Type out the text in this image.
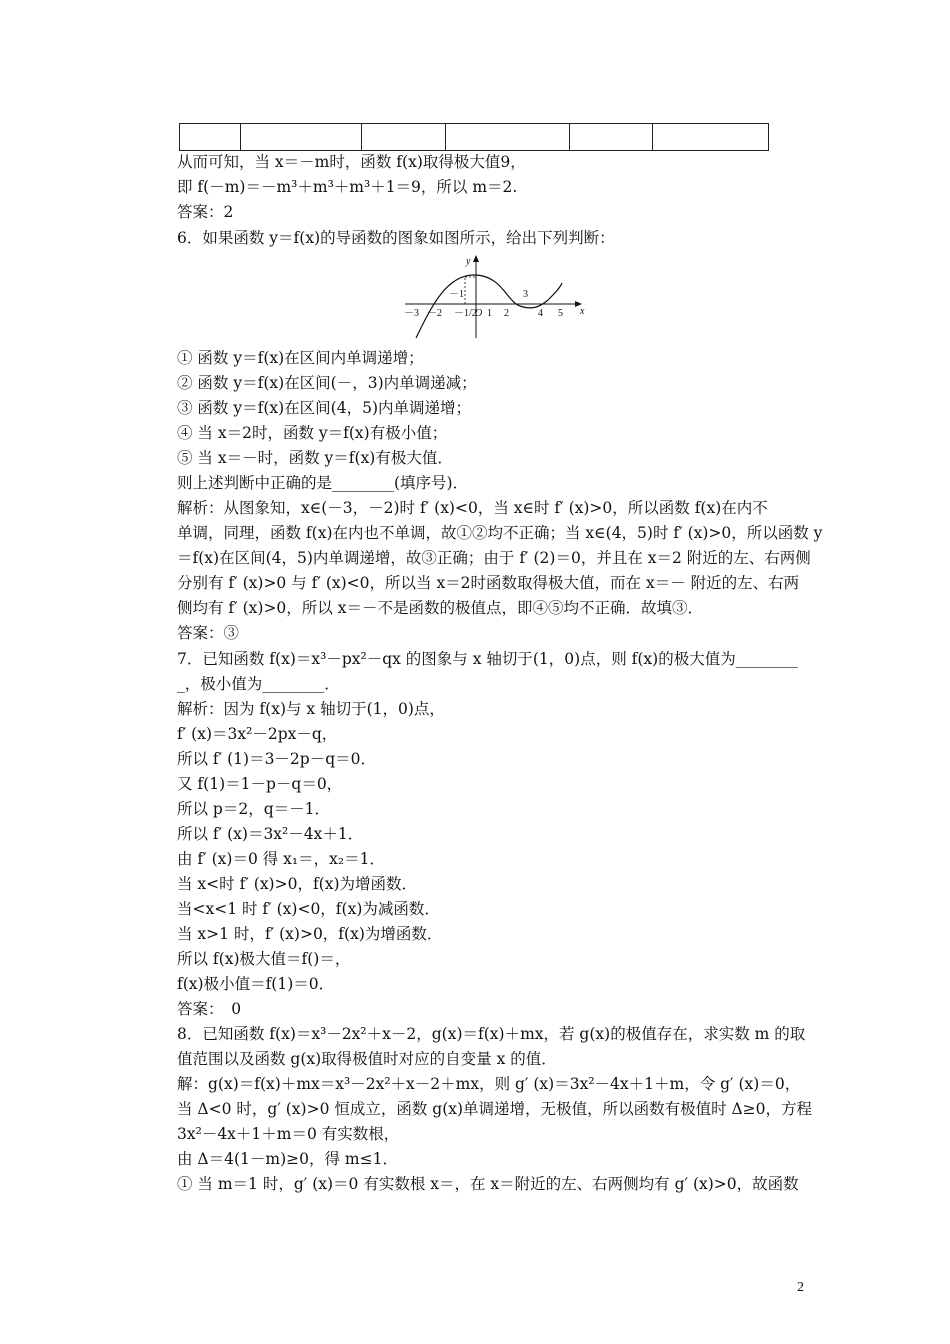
从而可知，当 x＝－m时，函数 f(x)取得极大值9，
即 f(－m)＝－m³＋m³＋m³＋1＝9，所以 m＝2.
答案：2
6．如果函数 y＝f(x)的导函数的图象如图所示，给出下列判断：
y
x
－3 －2
－1
－1/2
O 1 2
3
4 5
① 函数 y＝f(x)在区间内单调递增；
② 函数 y＝f(x)在区间(－，3)内单调递减；
③ 函数 y＝f(x)在区间(4，5)内单调递增；
④ 当 x＝2时，函数 y＝f(x)有极小值；
⑤ 当 x＝－时，函数 y＝f(x)有极大值．
则上述判断中正确的是________(填序号)．
解析：从图象知，x∈(－3，－2)时 f′ (x)<0，当 x∈时 f′ (x)>0，所以函数 f(x)在内不
单调，同理，函数 f(x)在内也不单调，故①②均不正确；当 x∈(4，5)时 f′ (x)>0，所以函数 y
＝f(x)在区间(4，5)内单调递增，故③正确；由于 f′ (2)＝0，并且在 x＝2 附近的左、右两侧
分别有 f′ (x)>0 与 f′ (x)<0，所以当 x＝2时函数取得极大值，而在 x＝－ 附近的左、右两
侧均有 f′ (x)>0，所以 x＝－不是函数的极值点，即④⑤均不正确．故填③．
答案：③
7．已知函数 f(x)＝x³－px²－qx 的图象与 x 轴切于(1，0)点，则 f(x)的极大值为________
_，极小值为________．
解析：因为 f(x)与 x 轴切于(1，0)点，
f′ (x)＝3x²－2px－q，
所以 f′ (1)＝3－2p－q＝0．
又 f(1)＝1－p－q＝0，
所以 p＝2，q＝－1．
所以 f′ (x)＝3x²－4x＋1．
由 f′ (x)＝0 得 x₁＝，x₂＝1．
当 x<时 f′ (x)>0，f(x)为增函数．
当<x<1 时 f′ (x)<0，f(x)为减函数．
当 x>1 时，f′ (x)>0，f(x)为增函数．
所以 f(x)极大值＝f()＝，
f(x)极小值＝f(1)＝0．
答案：　0
8．已知函数 f(x)＝x³－2x²＋x－2，g(x)＝f(x)＋mx，若 g(x)的极值存在，求实数 m 的取
值范围以及函数 g(x)取得极值时对应的自变量 x 的值．
解：g(x)＝f(x)＋mx＝x³－2x²＋x－2＋mx，则 g′ (x)＝3x²－4x＋1＋m，令 g′ (x)＝0，
当 Δ<0 时，g′ (x)>0 恒成立，函数 g(x)单调递增，无极值，所以函数有极值时 Δ≥0，方程
3x²－4x＋1＋m＝0 有实数根，
由 Δ＝4(1－m)≥0，得 m≤1．
① 当 m＝1 时，g′ (x)＝0 有实数根 x＝，在 x＝附近的左、右两侧均有 g′ (x)>0，故函数
2
